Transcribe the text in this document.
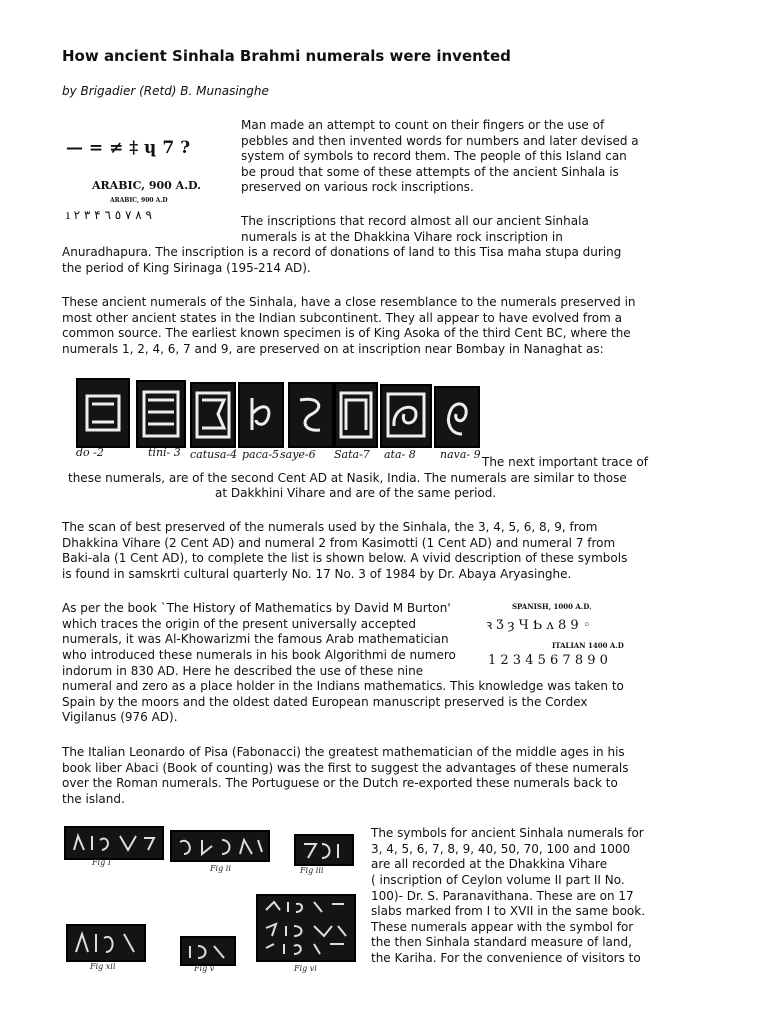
How ancient Sinhala Brahmi numerals were invented
by Brigadier (Retd) B. Munasinghe
— = ≠ ‡ ɥ 7 ?
ARABIC, 900 A.D.
ARABIC, 900 A.D
ı ۲ ۳ ۴ ٥ ٦ ۷ ۸ ٩
Man made an attempt to count on their fingers or the use of
pebbles and then invented words for numbers and later devised a
system of symbols to record them. The people of this Island can
be proud that some of these attempts of the ancient Sinhala is
preserved on various rock inscriptions.
The inscriptions that record almost all our ancient Sinhala
numerals is at the Dhakkina Vihare rock inscription in
Anuradhapura. The inscription is a record of donations of land to this Tisa maha stupa during
the period of King Sirinaga (195-214 AD).
These ancient numerals of the Sinhala, have a close resemblance to the numerals preserved in
most other ancient states in the Indian subcontinent. They all appear to have evolved from a
common source. The earliest known specimen is of King Asoka of the third Cent BC, where the
numerals 1, 2, 4, 6, 7 and 9, are preserved on at inscription near Bombay in Nanaghat as:
do -2	tini- 3 catusa-4 paca-5 saye-6 Sata-7 ata- 8 nava- 9
The next important trace of
these numerals, are of the second Cent AD at Nasik, India. The numerals are similar to those
at Dakkhini Vihare and are of the same period.
The scan of best preserved of the numerals used by the Sinhala, the 3, 4, 5, 6, 8, 9, from
Dhakkina Vihare (2 Cent AD) and numeral 2 from Kasimotti (1 Cent AD) and numeral 7 from
Baki-ala (1 Cent AD), to complete the list is shown below. A vivid description of these symbols
is found in samskrti cultural quarterly No. 17 No. 3 of 1984 by Dr. Abaya Aryasinghe.
SPANISH, 1000 A.D.
ꝛ Ʒ ȝ Ч Ƅ ʌ 8 9 ◦
ITALIAN 1400 A.D
1 2 3 4 5 6 7 8 9 0
As per the book `The History of Mathematics by David M Burton'
which traces the origin of the present universally accepted
numerals, it was Al-Khowarizmi the famous Arab mathematician
who introduced these numerals in his book Algorithmi de numero
indorum in 830 AD. Here he described the use of these nine
numeral and zero as a place holder in the Indians mathematics. This knowledge was taken to
Spain by the moors and the oldest dated European manuscript preserved is the Cordex
Vigilanus (976 AD).
The Italian Leonardo of Pisa (Fabonacci) the greatest mathematician of the middle ages in his
book liber Abaci (Book of counting) was the first to suggest the advantages of these numerals
over the Roman numerals. The Portuguese or the Dutch re-exported these numerals back to
the island.
Fig I
Fig ii	Fig iii
Fig xii	Fig v	Fig vi
The symbols for ancient Sinhala numerals for
3, 4, 5, 6, 7, 8, 9, 40, 50, 70, 100 and 1000
are all recorded at the Dhakkina Vihare
( inscription of Ceylon volume II part II No.
100)- Dr. S. Paranavithana. These are on 17
slabs marked from I to XVII in the same book.
These numerals appear with the symbol for
the then Sinhala standard measure of land,
the Kariha. For the convenience of visitors to
